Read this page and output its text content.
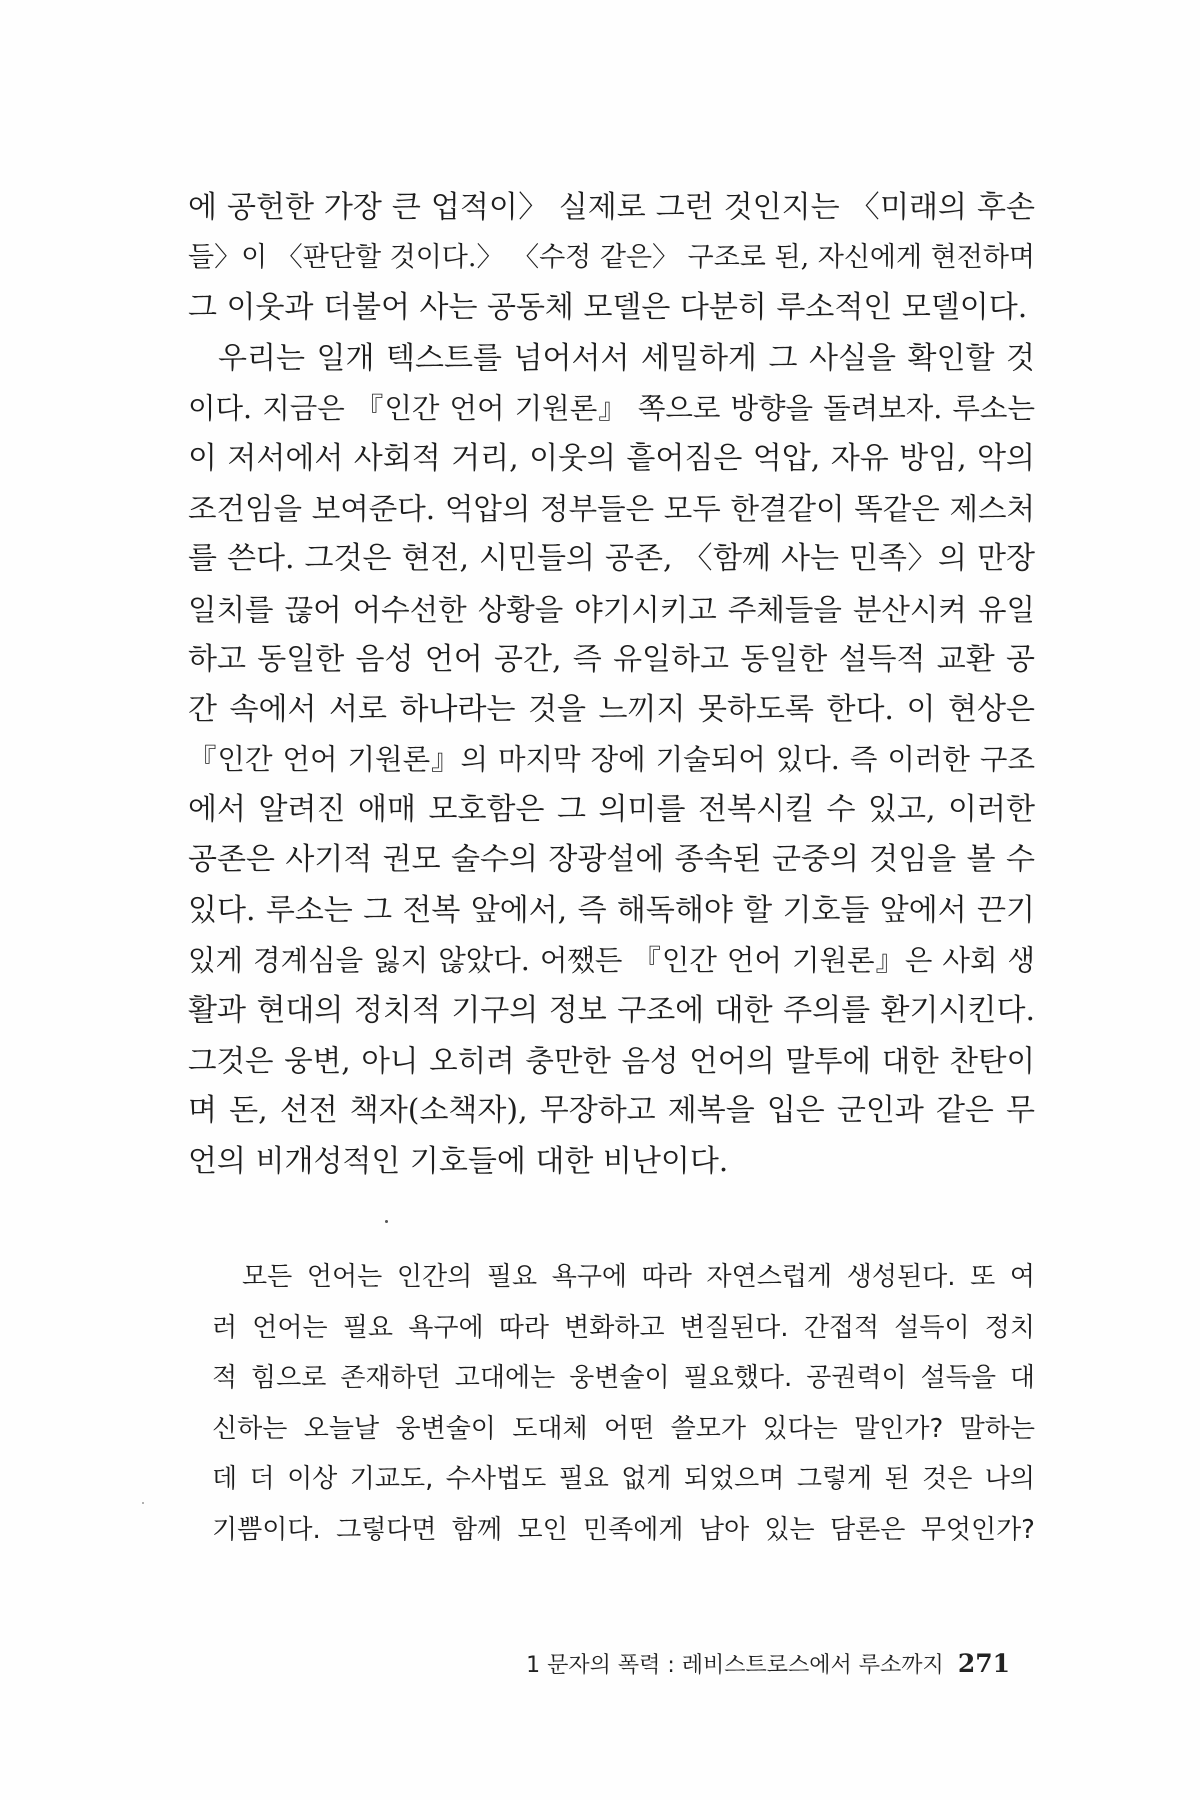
에 공헌한 가장 큰 업적이〉 실제로 그런 것인지는 〈미래의 후손
들〉이 〈판단할 것이다.〉 〈수정 같은〉 구조로 된, 자신에게 현전하며
그 이웃과 더불어 사는 공동체 모델은 다분히 루소적인 모델이다.
우리는 일개 텍스트를 넘어서서 세밀하게 그 사실을 확인할 것
이다. 지금은 『인간 언어 기원론』 쪽으로 방향을 돌려보자. 루소는
이 저서에서 사회적 거리, 이웃의 흩어짐은 억압, 자유 방임, 악의
조건임을 보여준다. 억압의 정부들은 모두 한결같이 똑같은 제스처
를 쓴다. 그것은 현전, 시민들의 공존, 〈함께 사는 민족〉의 만장
일치를 끊어 어수선한 상황을 야기시키고 주체들을 분산시켜 유일
하고 동일한 음성 언어 공간, 즉 유일하고 동일한 설득적 교환 공
간 속에서 서로 하나라는 것을 느끼지 못하도록 한다. 이 현상은
『인간 언어 기원론』의 마지막 장에 기술되어 있다. 즉 이러한 구조
에서 알려진 애매 모호함은 그 의미를 전복시킬 수 있고, 이러한
공존은 사기적 권모 술수의 장광설에 종속된 군중의 것임을 볼 수
있다. 루소는 그 전복 앞에서, 즉 해독해야 할 기호들 앞에서 끈기
있게 경계심을 잃지 않았다. 어쨌든 『인간 언어 기원론』은 사회 생
활과 현대의 정치적 기구의 정보 구조에 대한 주의를 환기시킨다.
그것은 웅변, 아니 오히려 충만한 음성 언어의 말투에 대한 찬탄이
며 돈, 선전 책자(소책자), 무장하고 제복을 입은 군인과 같은 무
언의 비개성적인 기호들에 대한 비난이다.
모든 언어는 인간의 필요 욕구에 따라 자연스럽게 생성된다. 또 여
러 언어는 필요 욕구에 따라 변화하고 변질된다. 간접적 설득이 정치
적 힘으로 존재하던 고대에는 웅변술이 필요했다. 공권력이 설득을 대
신하는 오늘날 웅변술이 도대체 어떤 쓸모가 있다는 말인가? 말하는
데 더 이상 기교도, 수사법도 필요 없게 되었으며 그렇게 된 것은 나의
기쁨이다. 그렇다면 함께 모인 민족에게 남아 있는 담론은 무엇인가?
1 문자의 폭력 : 레비스트로스에서 루소까지 271
